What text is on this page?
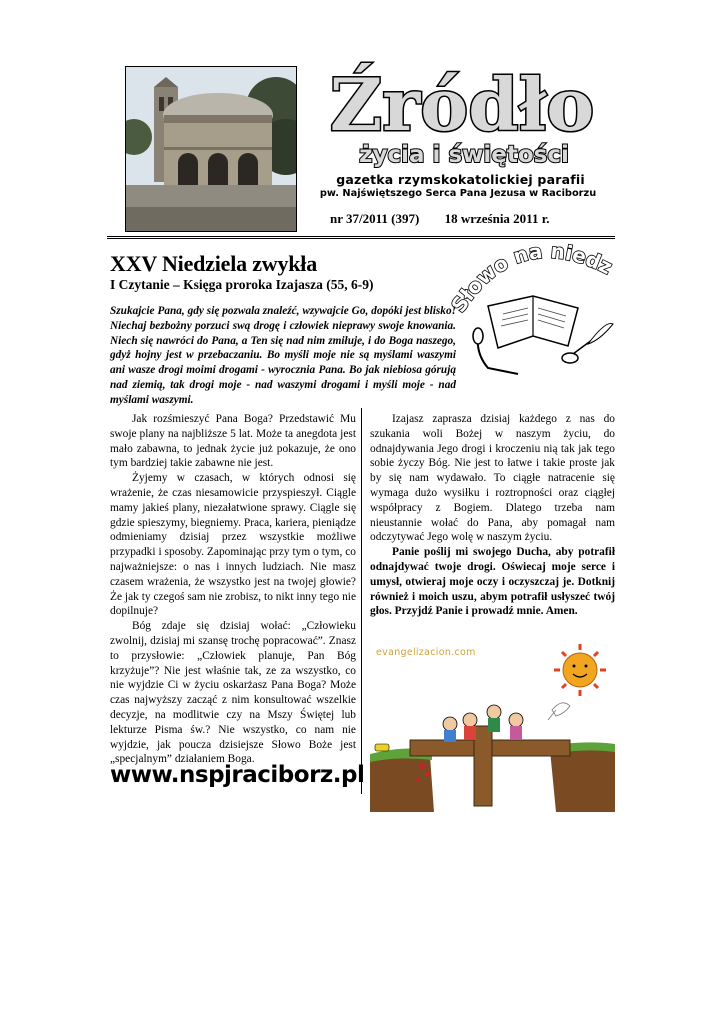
Źródło
życia i świętości
gazetka rzymskokatolickiej parafii
pw. Najświętszego Serca Pana Jezusa w Raciborzu
nr 37/2011 (397) 18 września 2011 r.
XXV Niedziela zwykła
I Czytanie – Księga proroka Izajasza (55, 6-9)
Słowo na niedz
Szukajcie Pana, gdy się pozwala znaleźć, wzywajcie Go, dopóki jest blisko! Niechaj bezbożny porzuci swą drogę i człowiek nieprawy swoje knowania. Niech się nawróci do Pana, a Ten się nad nim zmiłuje, i do Boga naszego, gdyż hojny jest w przebaczaniu. Bo myśli moje nie są myślami waszymi ani wasze drogi moimi drogami - wyrocznia Pana. Bo jak niebiosa górują nad ziemią, tak drogi moje - nad waszymi drogami i myśli moje - nad myślami waszymi.

Jak rozśmieszyć Pana Boga? Przedstawić Mu swoje plany na najbliższe 5 lat. Może ta anegdota jest mało zabawna, to jednak życie już pokazuje, że ono tym bardziej takie zabawne nie jest.

Żyjemy w czasach, w których odnosi się wrażenie, że czas niesamowicie przyspieszył. Ciągle mamy jakieś plany, niezałatwione sprawy. Ciągle się gdzie spieszymy, biegniemy. Praca, kariera, pieniądze odmieniamy dzisiaj przez wszystkie możliwe przypadki i sposoby. Zapominając przy tym o tym, co najważniejsze: o nas i innych ludziach. Nie masz czasem wrażenia, że wszystko jest na twojej głowie? Że jak ty czegoś sam nie zrobisz, to nikt inny tego nie dopilnuje?

Bóg zdaje się dzisiaj wołać: „Człowieku zwolnij, dzisiaj mi szansę trochę popracować”. Znasz to przysłowie: „Człowiek planuje, Pan Bóg krzyżuje”? Nie jest właśnie tak, ze za wszystko, co nie wyjdzie Ci w życiu oskarżasz Pana Boga? Może czas najwyższy zacząć z nim konsultować wszelkie decyzje, na modlitwie czy na Mszy Świętej lub lekturze Pisma św.? Nie wszystko, co nam nie wyjdzie, jak poucza dzisiejsze Słowo Boże jest „specjalnym” działaniem Boga.

Izajasz zaprasza dzisiaj każdego z nas do szukania woli Bożej w naszym życiu, do odnajdywania Jego drogi i kroczeniu nią tak jak tego sobie życzy Bóg. Nie jest to łatwe i takie proste jak by się nam wydawało. To ciągłe natracenie się wymaga dużo wysiłku i roztropności oraz ciągłej współpracy z Bogiem. Dlatego trzeba nam nieustannie wołać do Pana, aby pomagał nam odczytywać Jego wolę w naszym życiu.

Panie poślij mi swojego Ducha, aby potrafił odnajdywać twoje drogi. Oświecaj moje serce i umysł, otwieraj moje oczy i oczyszczaj je. Dotknij również i moich uszu, abym potrafił usłyszeć twój głos. Przyjdź Panie i prowadź mnie. Amen.

www.nspjraciborz.pl
evangelizacion.com
